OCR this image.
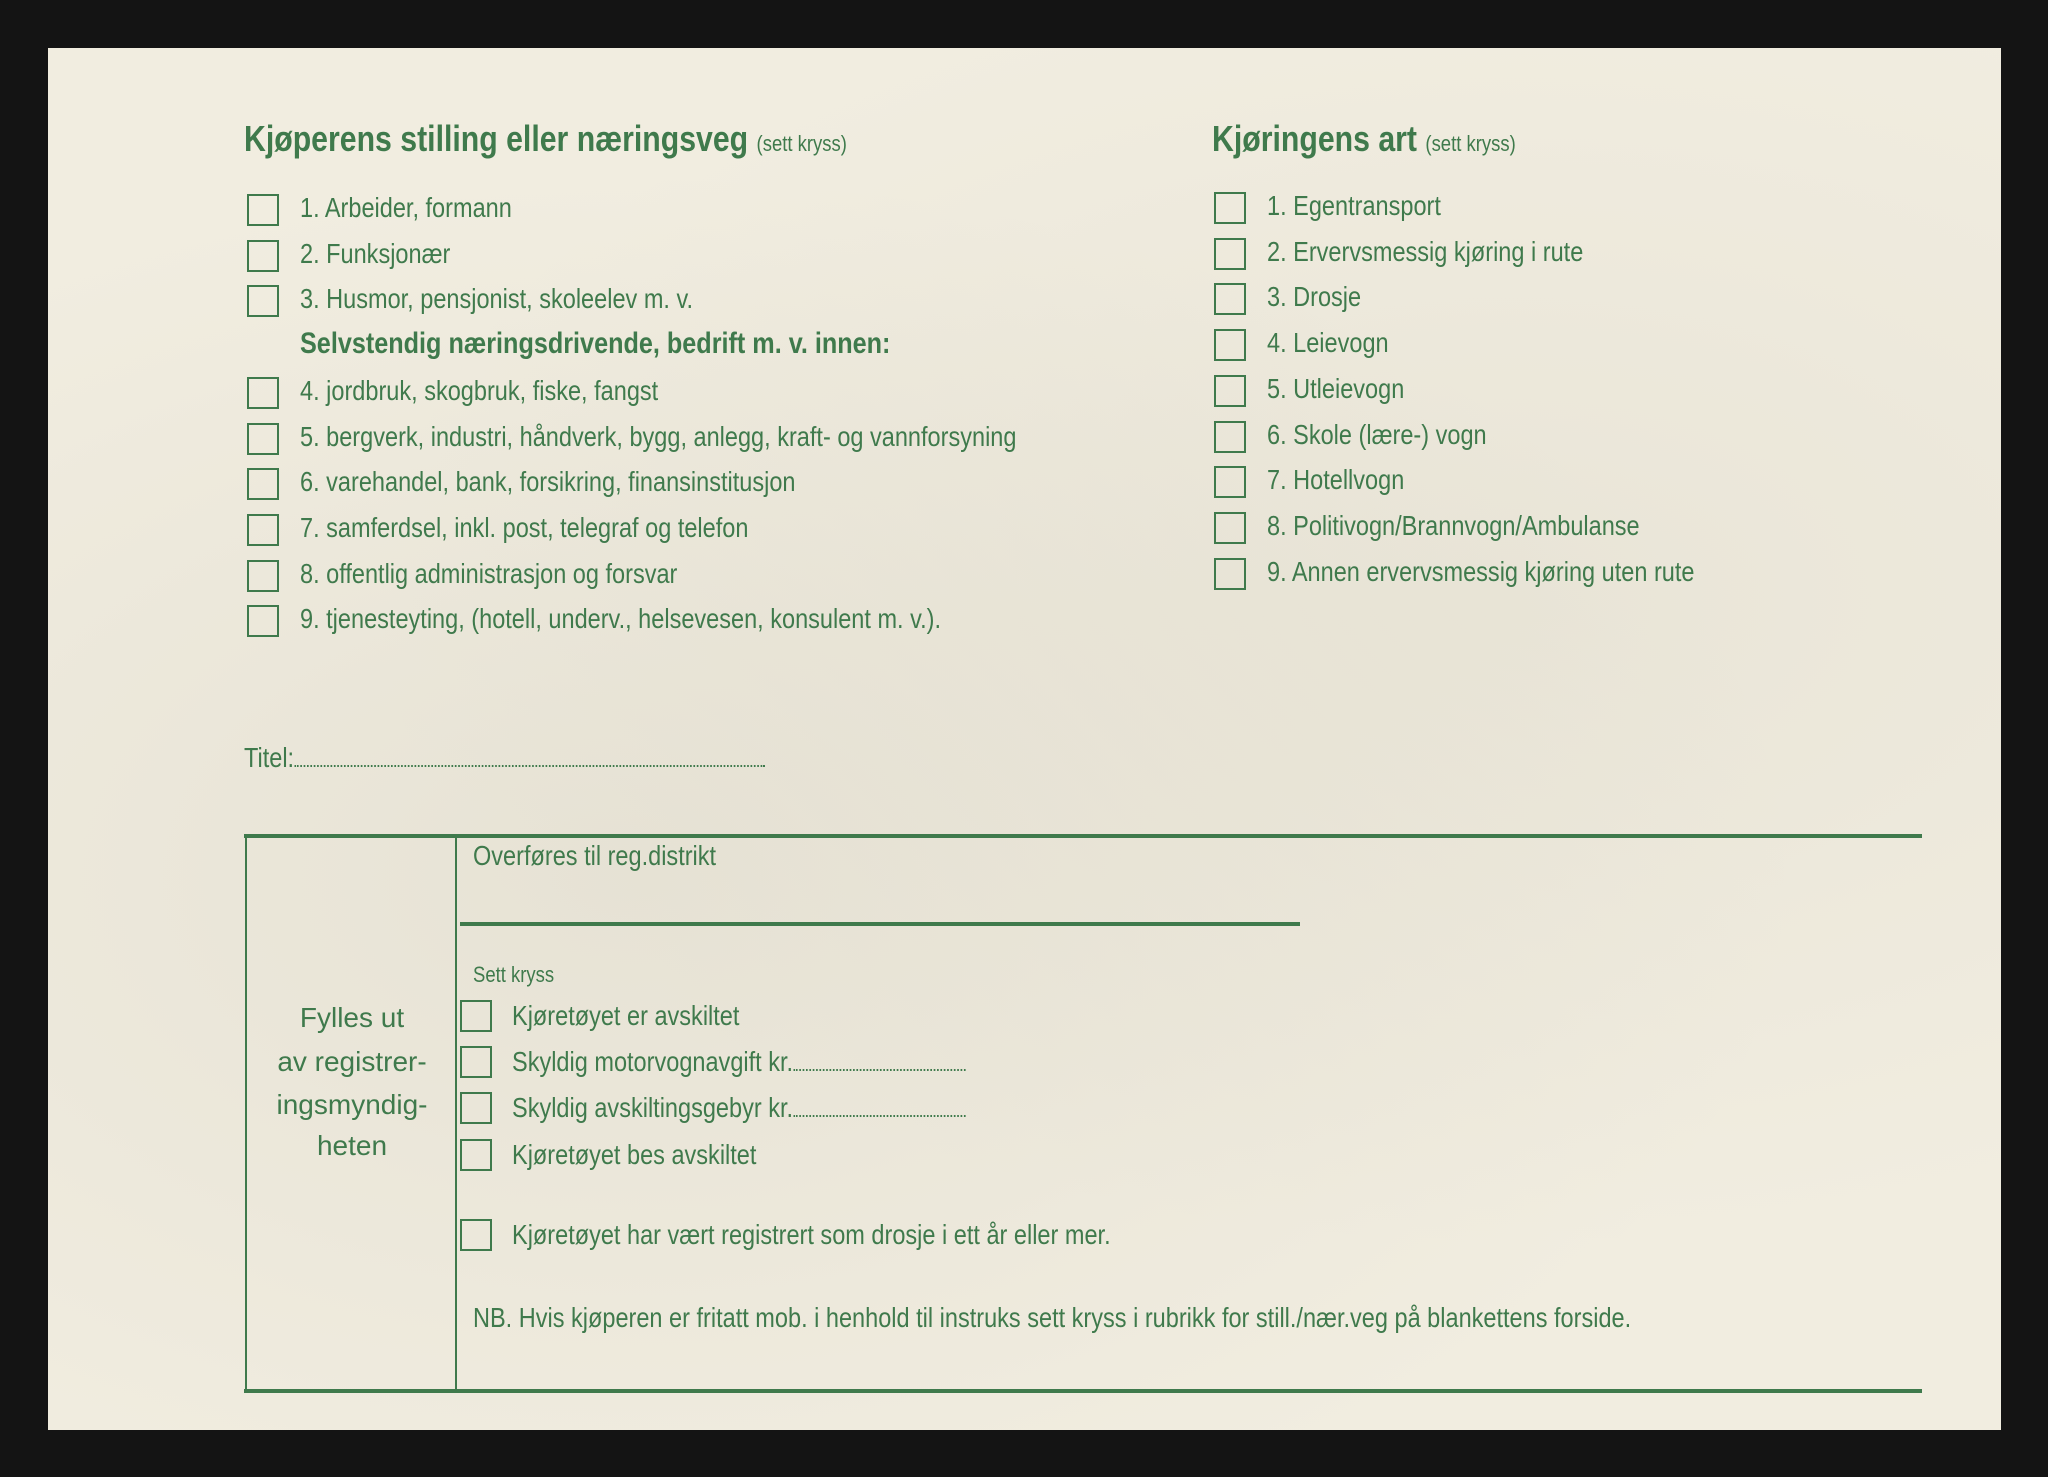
Kjøperens stilling eller næringsveg (sett kryss)
1. Arbeider, formann
2. Funksjonær
3. Husmor, pensjonist, skoleelev m. v.
Selvstendig næringsdrivende, bedrift m. v. innen:
4. jordbruk, skogbruk, fiske, fangst
5. bergverk, industri, håndverk, bygg, anlegg, kraft- og vannforsyning
6. varehandel, bank, forsikring, finansinstitusjon
7. samferdsel, inkl. post, telegraf og telefon
8. offentlig administrasjon og forsvar
9. tjenesteyting, (hotell, underv., helsevesen, konsulent m. v.).
Kjøringens art (sett kryss)
1. Egentransport
2. Ervervsmessig kjøring i rute
3. Drosje
4. Leievogn
5. Utleievogn
6. Skole (lære-) vogn
7. Hotellvogn
8. Politivogn/Brannvogn/Ambulanse
9. Annen ervervsmessig kjøring uten rute
Titel:
Fylles ut
av registrer-
ingsmyndig-
heten
Overføres til reg.distrikt
Sett kryss
Kjøretøyet er avskiltet
Skyldig motorvognavgift kr.
Skyldig avskiltingsgebyr kr.
Kjøretøyet bes avskiltet
Kjøretøyet har vært registrert som drosje i ett år eller mer.
NB. Hvis kjøperen er fritatt mob. i henhold til instruks sett kryss i rubrikk for still./nær.veg på blankettens forside.
